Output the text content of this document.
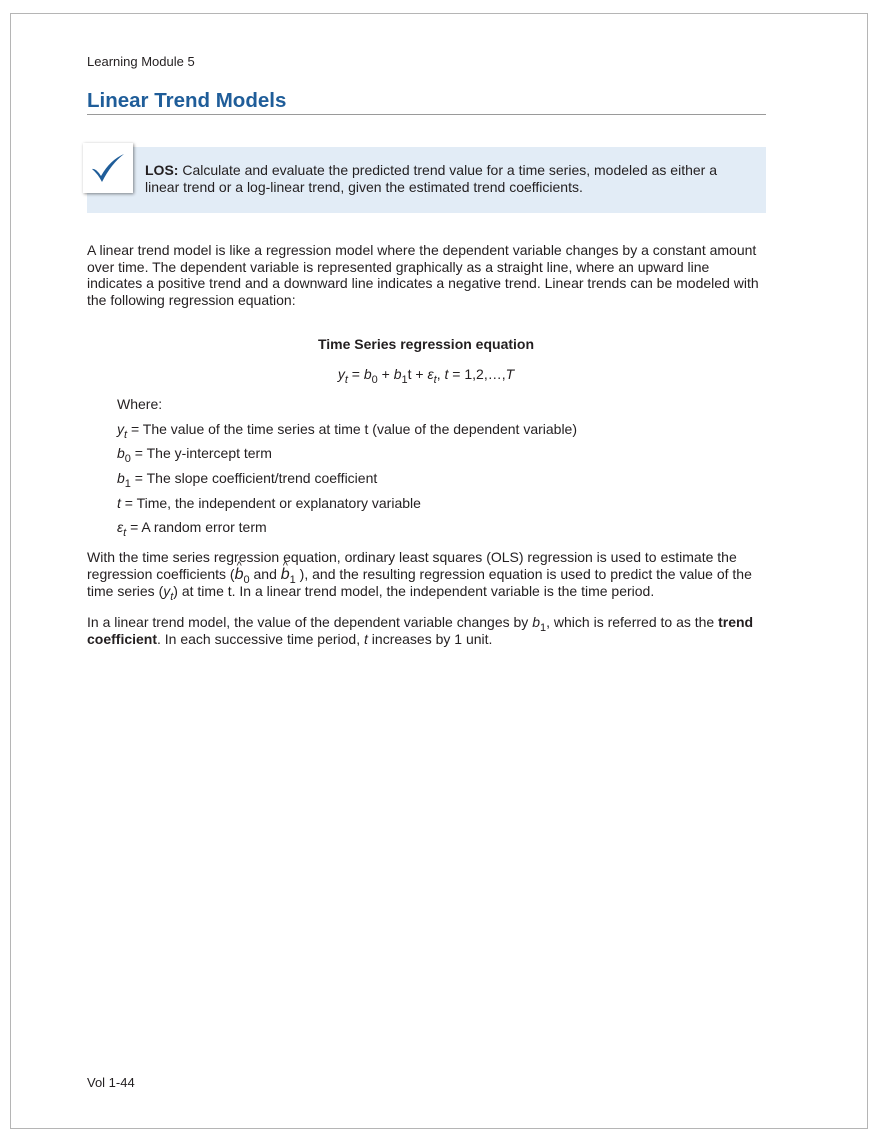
Learning Module 5
Linear Trend Models
LOS: Calculate and evaluate the predicted trend value for a time series, modeled as either a linear trend or a log-linear trend, given the estimated trend coefficients.

A linear trend model is like a regression model where the dependent variable changes by a constant amount over time. The dependent variable is represented graphically as a straight line, where an upward line indicates a positive trend and a downward line indicates a negative trend. Linear trends can be modeled with the following regression equation:

Time Series regression equation
$y_t = b_0 + b_1t + \varepsilon_t$, t = 1,2,…,T
Where:
$y_t$ = The value of the time series at time t (value of the dependent variable)
$b_0$ = The y-intercept term
$b_1$ = The slope coefficient/trend coefficient
t = Time, the independent or explanatory variable
$\varepsilon_t = A$ random error term

With the time series regression equation, ordinary least squares (OLS) regression is used to estimate the regression coefficients (^ $b_0$ and ^ $b_1$ ), and the resulting regression equation is used to predict the value of the time series $(y_t)$ at time t. In a linear trend model, the independent variable is the time period.

In a linear trend model, the value of the dependent variable changes by $b_1$, which is referred to as the trend coefficient. In each successive time period, t increases by 1 unit.

Vol 1-44
